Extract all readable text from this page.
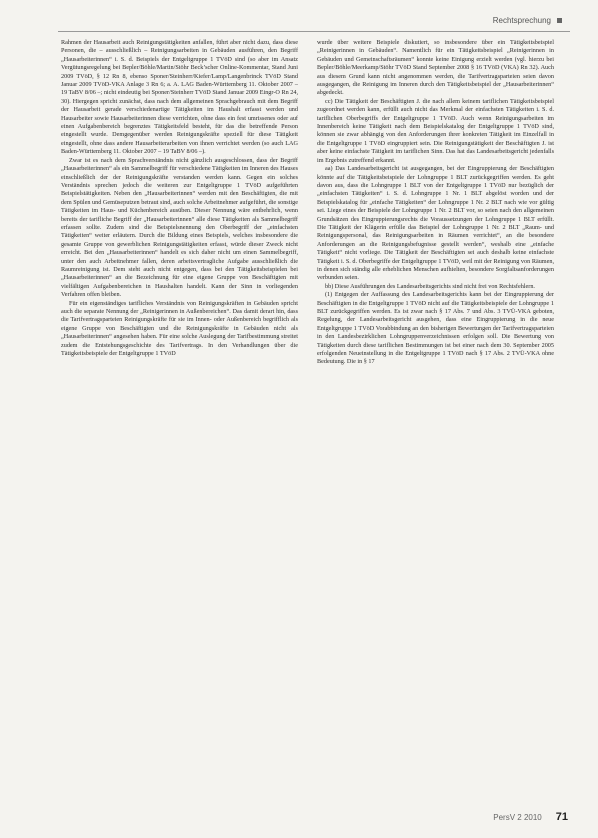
Rechtsprechung

Rahmen der Hausarbeit auch Reinigungstätigkeiten anfallen, führt aber nicht dazu, dass diese Personen, die – ausschließlich – Reinigungsarbeiten in Gebäuden ausführen, den Begriff „Hausarbeiterinnen“ i. S. d. Beispiels der Entgeltgruppe 1 TVöD sind (so aber im Ansatz Vergütungsregelung bei Bepler/Böhle/Martin/Stöhr Beck’scher Online-Kommentar, Stand Juni 2009 TVöD, § 12 Rn 8, ebenso Sponer/Steinherr/Kiefer/Lamp/Langenbrinck TVöD Stand Januar 2009 TVöD-VKA Anlage 3 Rn 6; a. A. LAG Baden-Württemberg 11. Oktober 2007 – 19 TaBV 8/06 –; nicht eindeutig bei Sponer/Steinherr TVöD Stand Januar 2009 Eingr-O Rn 24, 30). Hiergegen spricht zunächst, dass nach dem allgemeinen Sprachgebrauch mit dem Begriff der Hausarbeit gerade verschiedenartige Tätigkeiten im Haushalt erfasst werden und Hausarbeiter sowie Hausarbeiterinnen diese verrichten, ohne dass ein fest umrissenes oder auf einen Aufgabenbereich begrenztes Tätigkeitsfeld besteht, für das die betreffende Person eingestellt wurde. Demgegenüber werden Reinigungskräfte speziell für diese Tätigkeit eingestellt, ohne dass andere Hausarbeiterarbeiten von ihnen verrichtet werden (so auch LAG Baden-Württemberg 11. Oktober 2007 – 19 TaBV 8/06 –).

Zwar ist es nach dem Sprachverständnis nicht gänzlich ausgeschlossen, dass der Begriff „Hausarbeiterinnen“ als ein Sammelbegriff für verschiedene Tätigkeiten im Inneren des Hauses einschließlich der der Reinigungskräfte verstanden werden kann. Gegen ein solches Verständnis sprechen jedoch die weiteren zur Entgeltgruppe 1 TVöD aufgeführten Beispielstätigkeiten. Neben den „Hausarbeiterinnen“ werden mit den Beschäftigten, die mit dem Spülen und Gemüseputzen betraut sind, auch solche Arbeitnehmer aufgeführt, die sonstige Tätigkeiten im Haus- und Küchenbereich ausüben. Dieser Nennung wäre entbehrlich, wenn bereits der tarifliche Begriff der „Hausarbeiterinnen“ alle diese Tätigkeiten als Sammelbegriff erfassen sollte. Zudem sind die Beispielsnennung den Oberbegriff der „einfachsten Tätigkeiten“ weiter erläutern. Durch die Bildung eines Beispiels, welches insbesondere die gesamte Gruppe von gewerblichen Reinigungstätigkeiten erfasst, würde dieser Zweck nicht erreicht. Bei den „Hausarbeiterinnen“ handelt es sich daher nicht um einen Sammelbegriff, unter den auch Arbeitnehmer fallen, deren arbeitsvertragliche Aufgabe ausschließlich die Raumreinigung ist. Dem steht auch nicht entgegen, dass bei den Tätigkeitsbeispielen bei „Hausarbeiterinnen“ an die Bezeichnung für eine eigene Gruppe von Beschäftigten mit vielfältigen Aufgabenbereichen in Haushalten handelt. Kann der Sinn in vorliegenden Verfahren offen bleiben.

Für ein eigenständiges tarifliches Verständnis von Reinigungskräften in Gebäuden spricht auch die separate Nennung der „Reinigerinnen in Außenbereichen“. Das damit derart hin, dass die Tarifvertragsparteien Reinigungskräfte für sie im Innen- oder Außenbereich begrifflich als eigene Gruppe von Beschäftigten und die Reinigungskräfte in Gebäuden nicht als „Hausarbeiterinnen“ angesehen haben. Für eine solche Auslegung der Tarifbestimmung streitet zudem die Entstehungsgeschichte des Tarifvertrags. In den Verhandlungen über die Tätigkeitsbeispiele der Entgeltgruppe 1 TVöD

wurde über weitere Beispiele diskutiert, so insbesondere über ein Tätigkeitsbeispiel „Reinigerinnen in Gebäuden“. Namentlich für ein Tätigkeitsbeispiel „Reinigerinnen in Gebäuden und Gemeinschaftsräumen“ konnte keine Einigung erzielt werden (vgl. hierzu bei Bepler/Böhle/Meerkamp/Stöhr TVöD Stand September 2008 § 16 TVöD (VKA) Rn 32). Auch aus diesem Grund kann nicht angenommen werden, die Tarifvertragsparteien seien davon ausgegangen, die Reinigung im Inneren durch den Tätigkeitsbeispiel der „Hausarbeiterinnen“ abgedeckt.

cc) Die Tätigkeit der Beschäftigten J. die nach allem keinem tariflichen Tätigkeitsbeispiel zugeordnet werden kann, erfüllt auch nicht das Merkmal der einfachsten Tätigkeiten i. S. d. tariflichen Oberbegriffs der Entgeltgruppe 1 TVöD. Auch wenn Reinigungsarbeiten im Innenbereich keine Tätigkeit nach dem Beispielskatalog der Entgeltgruppe 1 TVöD sind, können sie zwar abhängig von den Anforderungen ihrer konkreten Tätigkeit im Einzelfall in die Entgeltgruppe 1 TVöD eingruppiert sein. Die Reinigungstätigkeit der Beschäftigten J. ist aber keine einfachste Tätigkeit im tariflichen Sinn. Das hat das Landesarbeitsgericht jedenfalls im Ergebnis zutreffend erkannt.

aa) Das Landesarbeitsgericht ist ausgegangen, bei der Eingruppierung der Beschäftigten könnte auf die Tätigkeitsbeispiele der Lohngruppe 1 BLT zurückgegriffen werden. Es geht davon aus, dass die Lohngruppe 1 BLT von der Entgeltgruppe 1 TVöD nur bezüglich der „einfachsten Tätigkeiten“ i. S. d. Lohngruppe 1 Nr. 1 BLT abgelöst worden und der Beispielskatalog für „einfache Tätigkeiten“ der Lohngruppe 1 Nr. 2 BLT nach wie vor gültig sei. Liege eines der Beispiele der Lohngruppe 1 Nr. 2 BLT vor, so seien nach den allgemeinen Grundsätzen des Eingruppierungsrechts die Voraussetzungen der Lohngruppe 1 BLT erfüllt. Die Tätigkeit der Klägerin erfülle das Beispiel der Lohngruppe 1 Nr. 2 BLT „Raum- und Reinigungspersonal, das Reinigungsarbeiten in Räumen verrichtet“, an die besondere Anforderungen an die Reinigungsbefugnisse gestellt werden“, weshalb eine „einfache Tätigkeit“ nicht vorliege. Die Tätigkeit der Beschäftigten sei auch deshalb keine einfachste Tätigkeit i. S. d. Oberbegriffe der Entgeltgruppe 1 TVöD, weil mit der Reinigung von Räumen, in denen sich ständig alle erheblichen Menschen aufhielten, besondere Sorgfaltsanforderungen verbunden seien.

bb) Diese Ausführungen des Landesarbeitsgerichts sind nicht frei von Rechtsfehlern.

(1) Entgegen der Auffassung des Landesarbeitsgerichts kann bei der Eingruppierung der Beschäftigten in die Entgeltgruppe 1 TVöD nicht auf die Tätigkeitsbeispiele der Lohngruppe 1 BLT zurückgegriffen werden. Es ist zwar nach § 17 Abs. 7 und Abs. 3 TVÜ-VKA geboten, Regelung, der Landesarbeitsgericht ausgehen, dass eine Eingruppierung in die neue Entgeltgruppe 1 TVöD Vorabbindung an den bisherigen Bewertungen der Tarifvertragsparteien in den Landesbezirklichen Lohngruppenverzeichnissen erfolgen soll. Die Bewertung von Tätigkeiten durch diese tariflichen Bestimmungen ist bei einer nach dem 30. September 2005 erfolgenden Neueinstellung in die Entgeltgruppe 1 TVöD nach § 17 Abs. 2 TVÜ-VKA ohne Bedeutung. Die in § 17

PersV 2 2010 71
